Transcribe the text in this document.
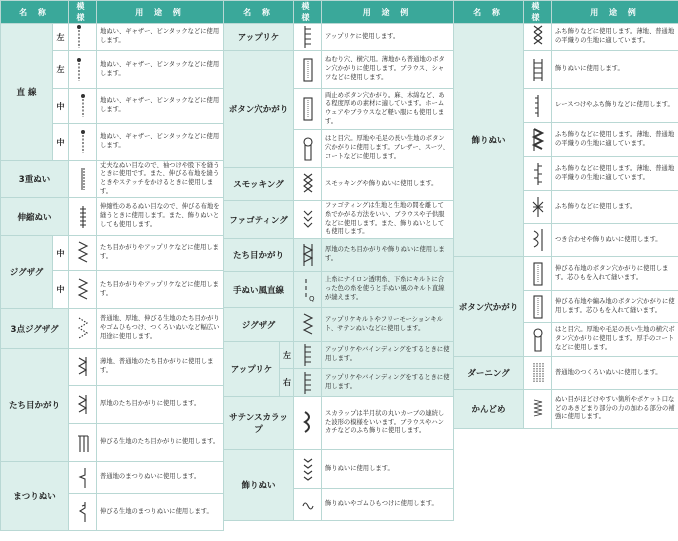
名 称		模 様	用 途 例
直 線	左		地ぬい、ギャザー、ピンタックなどに使用します。
	左		地ぬい、ギャザー、ピンタックなどに使用します。
	中		地ぬい、ギャザー、ピンタックなどに使用します。
	中		地ぬい、ギャザー、ピンタックなどに使用します。
3重ぬい			丈夫なぬい目なので、袖つけや股下を縫うときに使用です。また、伸びる布地を縫うときやステッチをかけるときに使用します。
伸縮ぬい			伸縮性のあるぬい目なので、伸びる布地を縫うときに使用します。また、飾りぬいとしても使用します。
ジグザグ	中		たち目かがりやアップリケなどに使用します。
	中		たち目かがりやアップリケなどに使用します。
3点ジグザグ			普通地、厚地、伸びる生地のたち目かがりやゴムひもつけ、つくろいぬいなど幅広い用途に使用します。
たち目かがり			薄地、普通地のたち目かがりに使用します。

	厚地のたち目かがりに使用します。

	伸びる生地のたち目かがりに使用します。
まつりぬい			普通地のまつりぬいに使用します。

	伸びる生地のまつりぬいに使用します。
名 称		模 様	用 途 例
アップリケ			アップリケに使用します。
ボタン穴かがり			ねむり穴、横穴用。薄地から普通地のボタン穴かがりに使用します。ブラウス、シャツなどに使用します。

	両止めボタン穴かがり。麻、木綿など、ある程度厚めの素材に適しています。ホームウェアやブラウスなど軽い服にも使用します。

	はと目穴。厚地や毛足の長い生地のボタン穴かがりに使用します。ブレザー、スーツ、コートなどに使用します。
スモッキング			スモッキングや飾りぬいに使用します。
ファゴティング			ファゴティングは生地と生地の間を離して糸でかがる方法をいい、ブラウスや子供服などに使用します。また、飾りぬいとしても使用します。
たち目かがり			厚地のたち目かがりや飾りぬいに使用します。
手ぬい風直線		Q	上糸にナイロン透明糸、下糸にキルトに合った色の糸を使うと手ぬい風のキルト直線が縫えます。
ジグザグ			アップリケキルトやフリーモーションキルト、サテンぬいなどに使用します。
アップリケ	左		アップリケやバインディングをするときに使用します。
	右		アップリケやバインディングをするときに使用します。
サテンスカラップ			スカラップは半月状の丸いカーブの連続した波形の模様をいいます。ブラウスやハンカチなどのふち飾りに使用します。
飾りぬい			飾りぬいに使用します。

	飾りぬいやゴムひもつけに使用します。
名 称	模 様	用 途 例
飾りぬい		ふち飾りなどに使用します。薄地、普通地の平織りの生地に適しています。

	飾りぬいに使用します。

	レースつけやふち飾りなどに使用します。

	ふち飾りなどに使用します。薄地、普通地の平織りの生地に適しています。

	ふち飾りなどに使用します。薄地、普通地の平織りの生地に適しています。

	ふち飾りなどに使用します。

	つき合わせや飾りぬいに使用します。
ボタン穴かがり		伸びる布地のボタン穴かがりに使用します。芯ひもを入れて縫います。

	伸びる布地や編み地のボタン穴かがりに使用します。芯ひもを入れて縫います。

	はと目穴。厚地や毛足の長い生地の横穴ボタン穴かがりに使用します。厚手のコートなどに使用します。
ダーニング		普通地のつくろいぬいに使用します。
かんどめ		ぬい目がほどけやすい箇所やポケット口などのあきどまり部分の力の加わる部分の補強に使用します。
